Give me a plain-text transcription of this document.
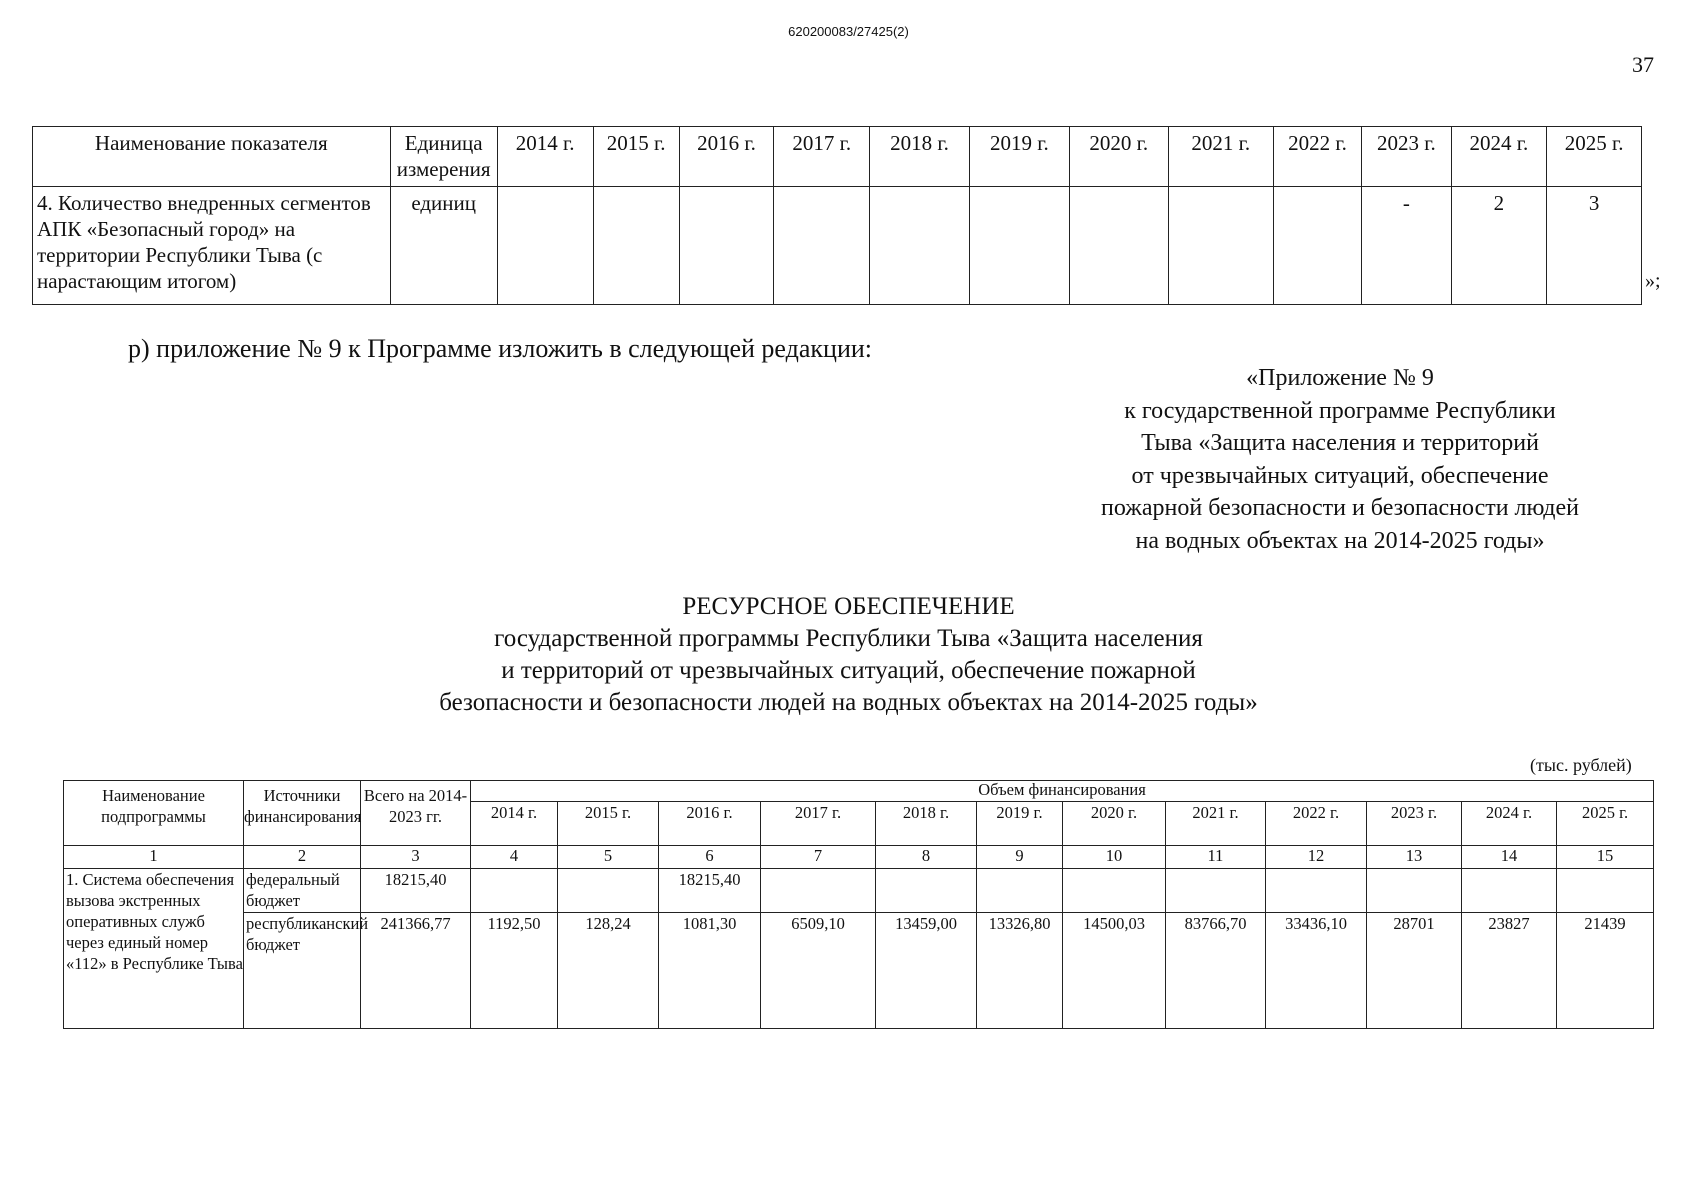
620200083/27425(2)
37
Наименование показателя	Единица измерения	2014 г.	2015 г.	2016 г.	2017 г.	2018 г.	2019 г.	2020 г.	2021 г.	2022 г.	2023 г.	2024 г.	2025 г.
4. Количество внедренных сегментов АПК «Безопасный город» на территории Республики Тыва (с нарастающим итогом)	единиц										-	2	3
»;
р) приложение № 9 к Программе изложить в следующей редакции:
«Приложение № 9
к государственной программе Республики
Тыва «Защита населения и территорий
от чрезвычайных ситуаций, обеспечение
пожарной безопасности и безопасности людей
на водных объектах на 2014-2025 годы»
РЕСУРСНОЕ ОБЕСПЕЧЕНИЕ
государственной программы Республики Тыва «Защита населения
и территорий от чрезвычайных ситуаций, обеспечение пожарной
безопасности и безопасности людей на водных объектах на 2014-2025 годы»
(тыс. рублей)
Наименование подпрограммы	Источники финансирования	Всего на 2014-2023 гг.	Объем финансирования											
			2014 г.	2015 г.	2016 г.	2017 г.	2018 г.	2019 г.	2020 г.	2021 г.	2022 г.	2023 г.	2024 г.	2025 г.
1	2	3	4	5	6	7	8	9	10	11	12	13	14	15
1. Система обеспечения вызова экстренных оперативных служб через единый номер «112» в Республике Тыва	федеральный бюджет	18215,40			18215,40									
	республиканский бюджет	241366,77	1192,50	128,24	1081,30	6509,10	13459,00	13326,80	14500,03	83766,70	33436,10	28701	23827	21439
